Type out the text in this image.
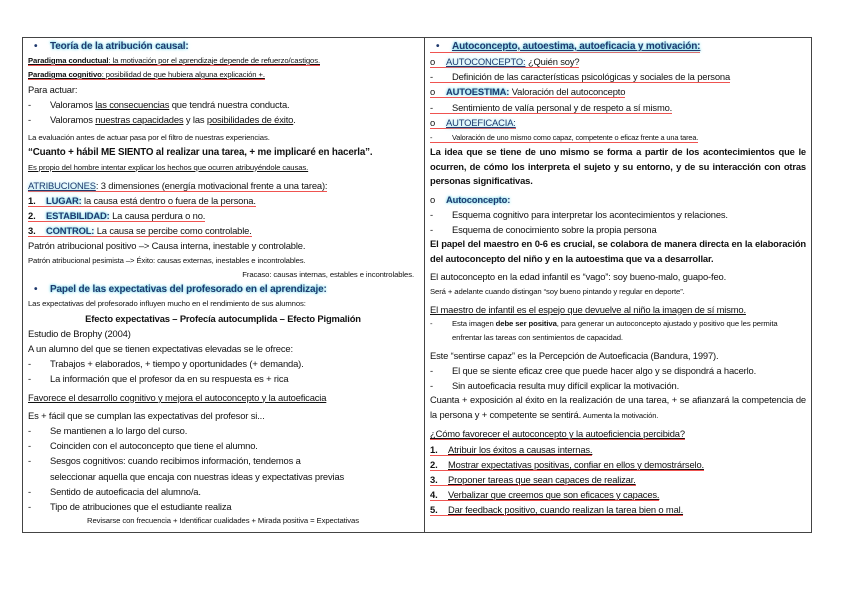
• Teoría de la atribución causal:
Paradigma conductual: la motivación por el aprendizaje depende de refuerzo/castigos.
Paradigma cognitivo: posibilidad de que hubiera alguna explicación +.
Para actuar:
- Valoramos las consecuencias que tendrá nuestra conducta.
- Valoramos nuestras capacidades y las posibilidades de éxito.
La evaluación antes de actuar pasa por el filtro de nuestras experiencias.
“Cuanto + hábil ME SIENTO al realizar una tarea, + me implicaré en hacerla”.
Es propio del hombre intentar explicar los hechos que ocurren atribuyéndole causas.
ATRIBUCIONES: 3 dimensiones (energía motivacional frente a una tarea):
1. LUGAR: la causa está dentro o fuera de la persona.
2. ESTABILIDAD: La causa perdura o no.
3. CONTROL: La causa se percibe como controlable.
Patrón atribucional positivo –> Causa interna, inestable y controlable.
Patrón atribucional pesimista –> Éxito: causas externas, inestables e incontrolables.
Fracaso: causas internas, estables e incontrolables.
• Papel de las expectativas del profesorado en el aprendizaje:
Las expectativas del profesorado influyen mucho en el rendimiento de sus alumnos:
Efecto expectativas – Profecía autocumplida – Efecto Pigmalión
Estudio de Brophy (2004)
A un alumno del que se tienen expectativas elevadas se le ofrece:
- Trabajos + elaborados, + tiempo y oportunidades (+ demanda).
- La información que el profesor da en su respuesta es + rica
Favorece el desarrollo cognitivo y mejora el autoconcepto y la autoeficacia
Es + fácil que se cumplan las expectativas del profesor si...
- Se mantienen a lo largo del curso.
- Coinciden con el autoconcepto que tiene el alumno.
- Sesgos cognitivos: cuando recibimos información, tendemos a
seleccionar aquella que encaja con nuestras ideas y expectativas previas
- Sentido de autoeficacia del alumno/a.
- Tipo de atribuciones que el estudiante realiza
Revisarse con frecuencia + Identificar cualidades + Mirada positiva = Expectativas
• Autoconcepto, autoestima, autoeficacia y motivación:
o AUTOCONCEPTO: ¿Quién soy?
- Definición de las características psicológicas y sociales de la persona
o AUTOESTIMA: Valoración del autoconcepto
- Sentimiento de valía personal y de respeto a sí mismo.
o AUTOEFICACIA:
-	Valoración de uno mismo como capaz, competente o eficaz frente a una tarea.
La idea que se tiene de uno mismo se forma a partir de los acontecimientos que le ocurren, de cómo los interpreta el sujeto y su entorno, y de su interacción con otras personas significativas.
o Autoconcepto:
- Esquema cognitivo para interpretar los acontecimientos y relaciones.
- Esquema de conocimiento sobre la propia persona
El papel del maestro en 0-6 es crucial, se colabora de manera directa en la elaboración del autoconcepto del niño y en la autoestima que va a desarrollar.
El autoconcepto en la edad infantil es “vago”: soy bueno-malo, guapo-feo.
Será + adelante cuando distingan “soy bueno pintando y regular en deporte”.
El maestro de infantil es el espejo que devuelve al niño la imagen de sí mismo.
-	Esta imagen debe ser positiva, para generar un autoconcepto ajustado y positivo que les permita enfrentar las tareas con sentimientos de capacidad.
Este “sentirse capaz” es la Percepción de Autoeficacia (Bandura, 1997).
- El que se siente eficaz cree que puede hacer algo y se dispondrá a hacerlo.
- Sin autoeficacia resulta muy difícil explicar la motivación.
Cuanta + exposición al éxito en la realización de una tarea, + se afianzará la competencia de la persona y + competente se sentirá. Aumenta la motivación.
¿Cómo favorecer el autoconcepto y la autoeficiencia percibida?
1. Atribuir los éxitos a causas internas.
2. Mostrar expectativas positivas, confiar en ellos y demostrárselo.
3. Proponer tareas que sean capaces de realizar.
4. Verbalizar que creemos que son eficaces y capaces.
5. Dar feedback positivo, cuando realizan la tarea bien o mal.
